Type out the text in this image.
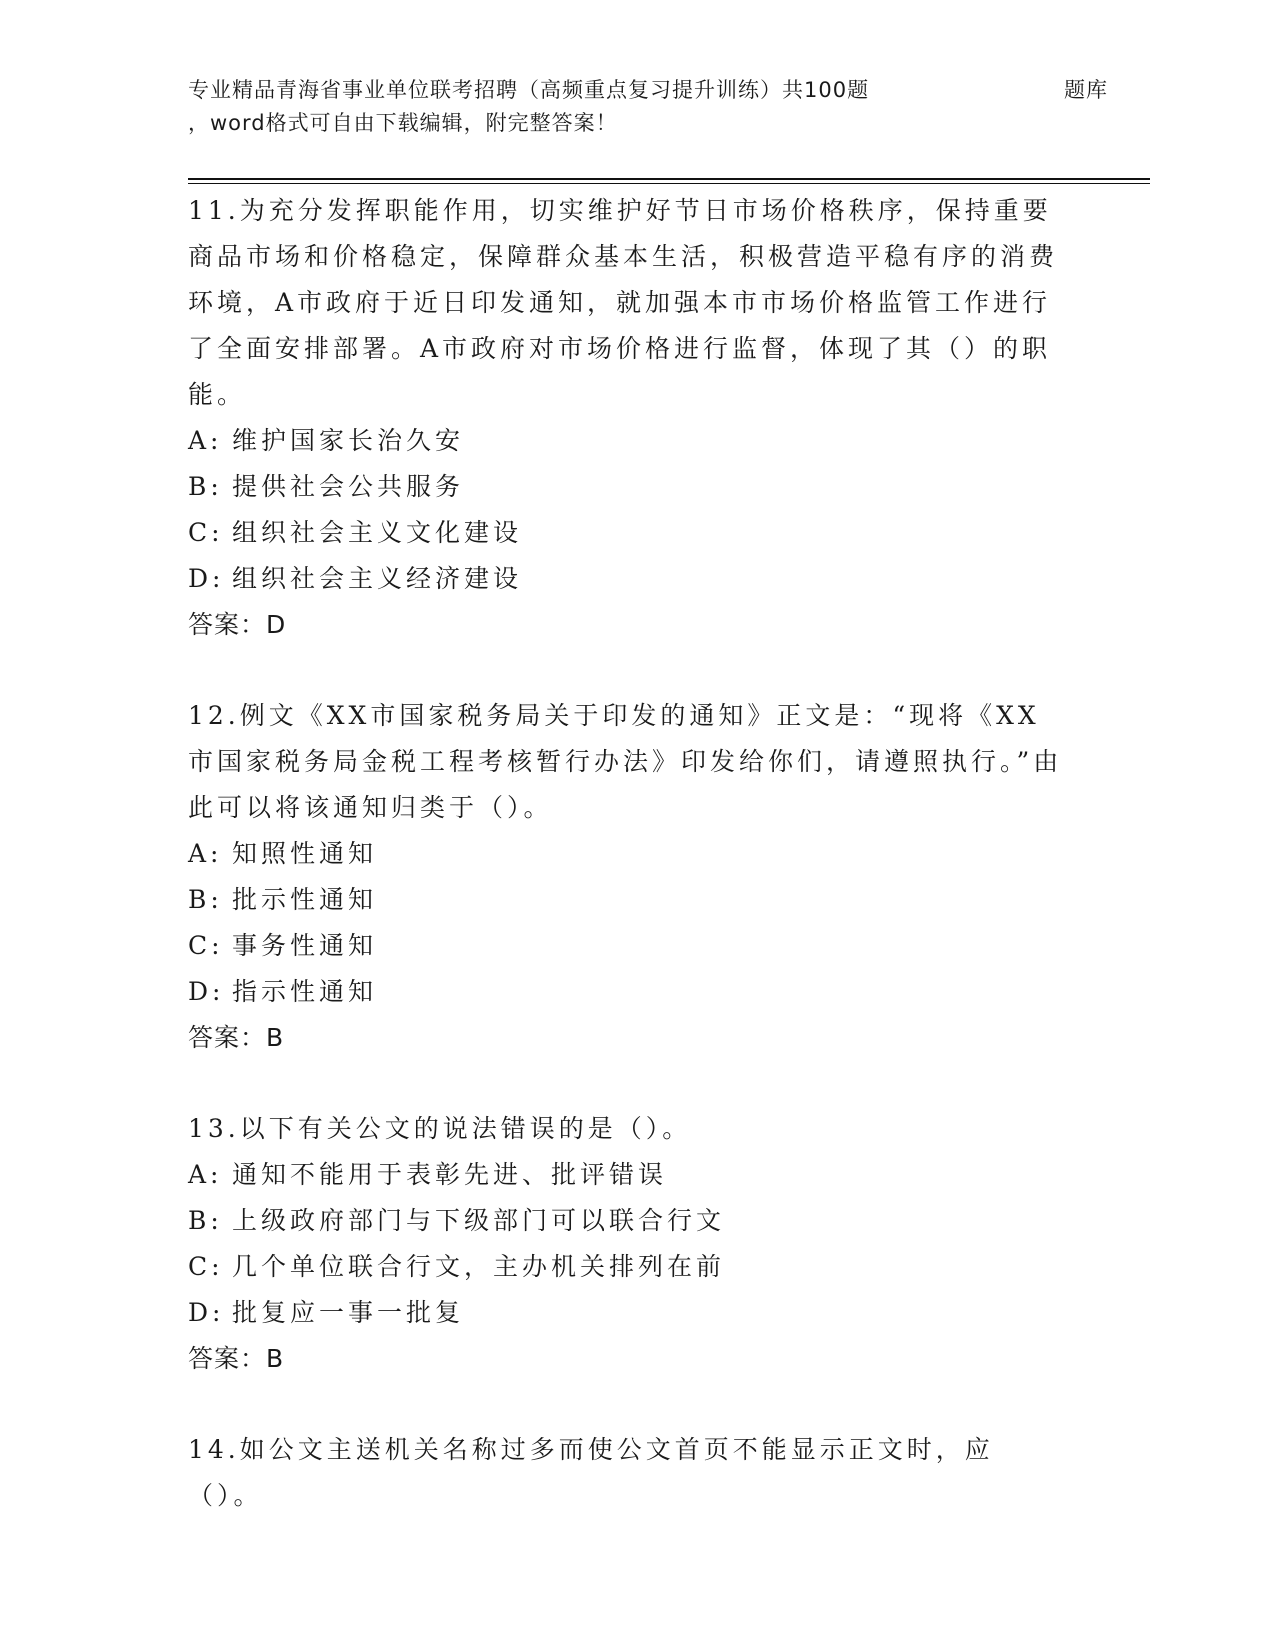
专业精品青海省事业单位联考招聘（高频重点复习提升训练）共100题	题库
，word格式可自由下载编辑，附完整答案！

11.为充分发挥职能作用，切实维护好节日市场价格秩序，保持重要商品市场和价格稳定，保障群众基本生活，积极营造平稳有序的消费环境，A市政府于近日印发通知，就加强本市市场价格监管工作进行了全面安排部署。A市政府对市场价格进行监督，体现了其（）的职能。

A: 维护国家长治久安
B: 提供社会公共服务
C: 组织社会主义文化建设
D: 组织社会主义经济建设
答案： D

12.例文《XX市国家税务局关于印发的通知》正文是：“现将《XX市国家税务局金税工程考核暂行办法》印发给你们，请遵照执行。”由此可以将该通知归类于（）。

A: 知照性通知
B: 批示性通知
C: 事务性通知
D: 指示性通知
答案： B

13.以下有关公文的说法错误的是（）。

A: 通知不能用于表彰先进、批评错误
B: 上级政府部门与下级部门可以联合行文
C: 几个单位联合行文，主办机关排列在前
D: 批复应一事一批复
答案： B

14.如公文主送机关名称过多而使公文首页不能显示正文时，应（）。
